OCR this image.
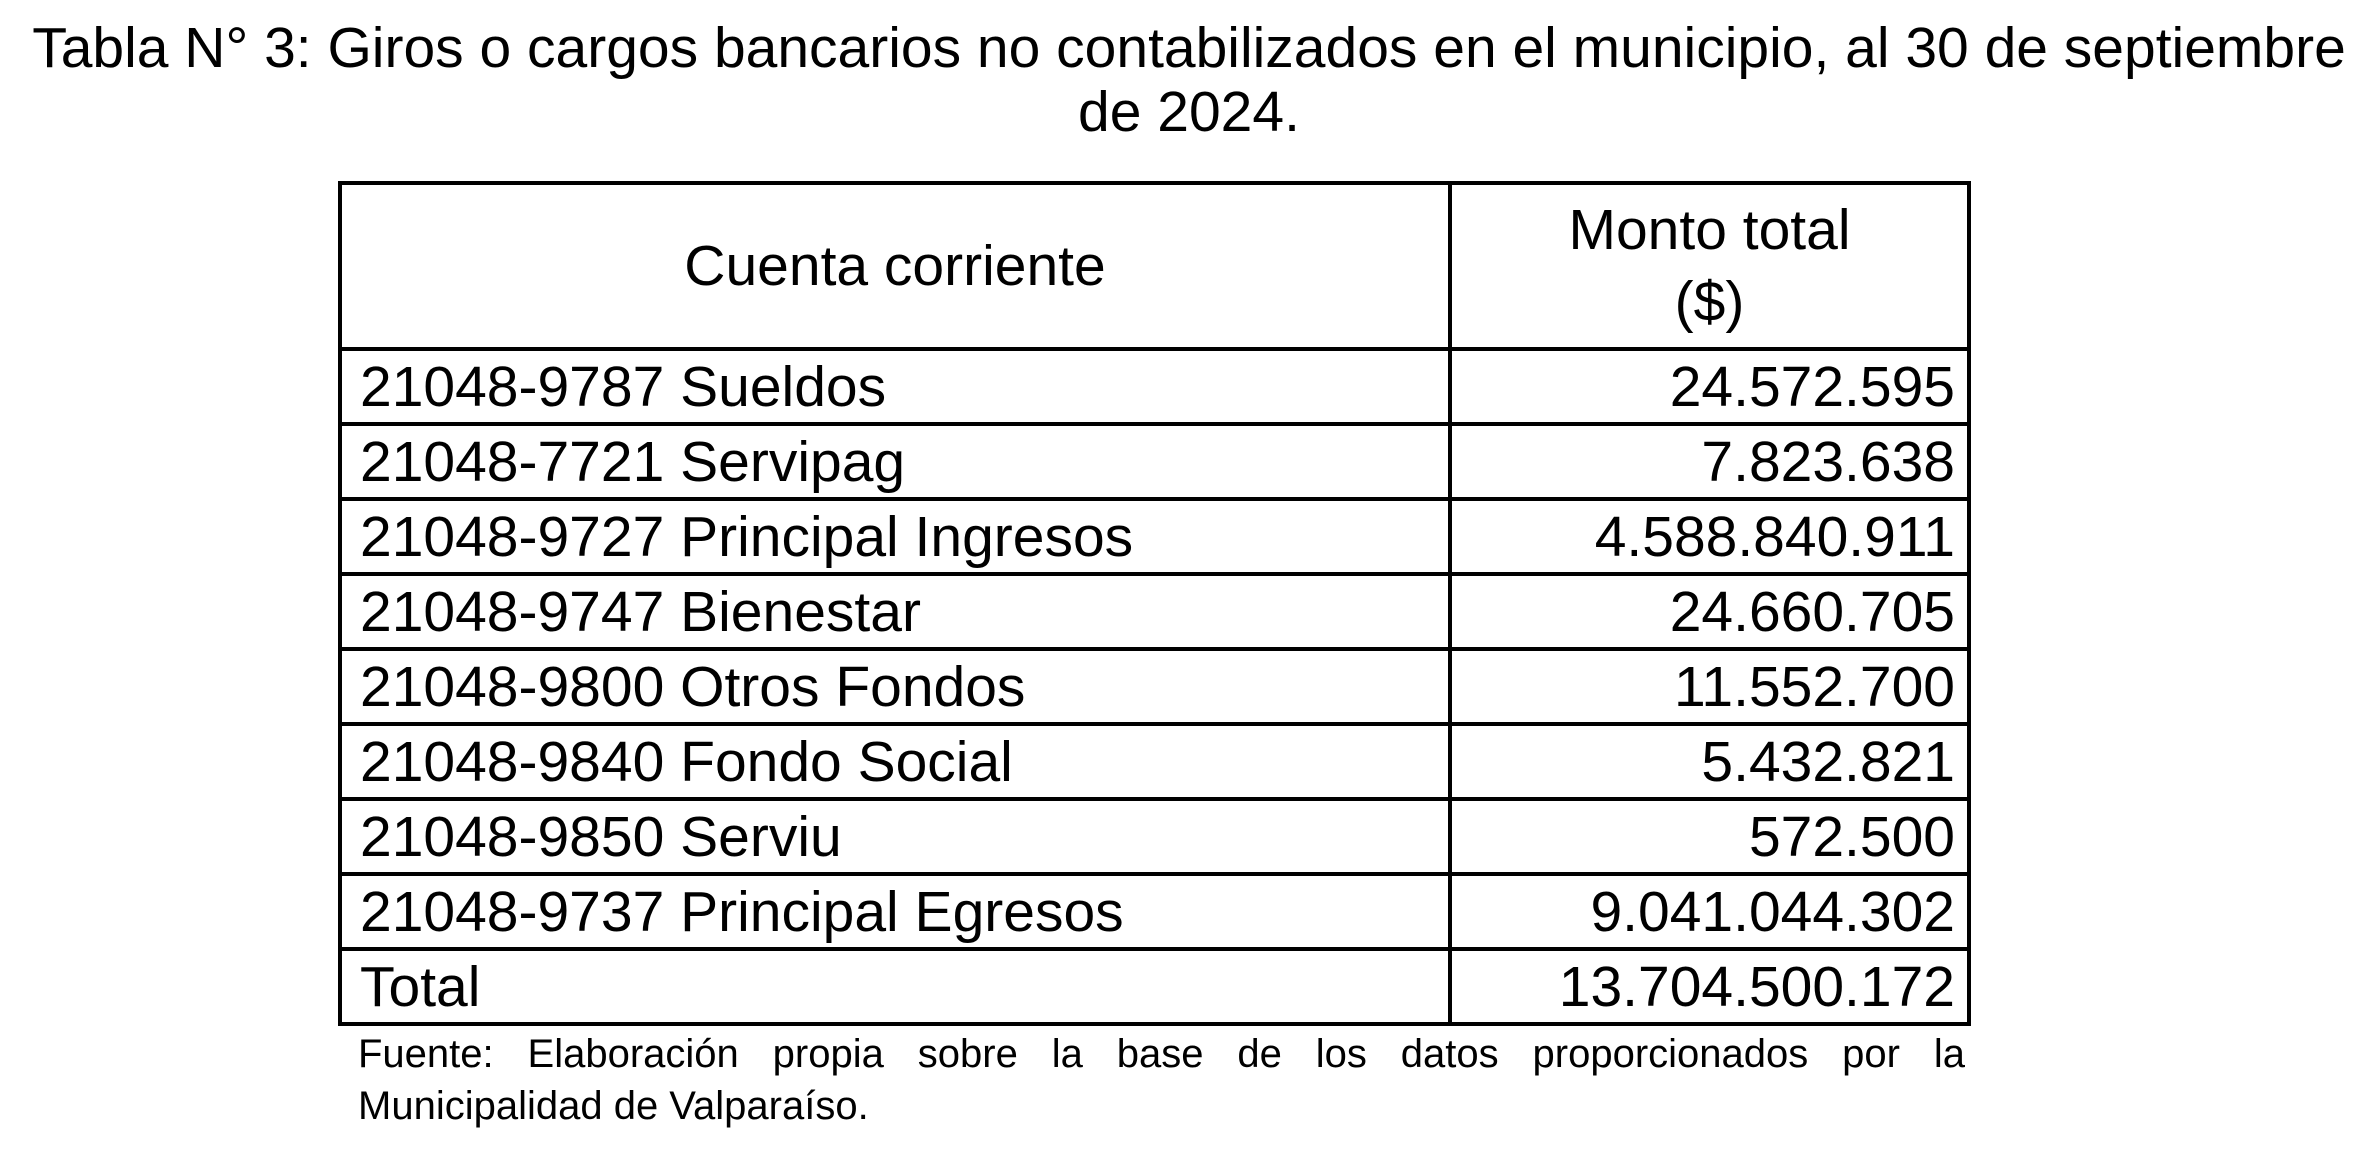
Tabla N° 3: Giros o cargos bancarios no contabilizados en el municipio, al 30 de septiembre
de 2024.
Cuenta corriente	Monto total
($)

21048-9787 Sueldos	24.572.595
21048-7721 Servipag	7.823.638
21048-9727 Principal Ingresos	4.588.840.911
21048-9747 Bienestar	24.660.705
21048-9800 Otros Fondos	11.552.700
21048-9840 Fondo Social	5.432.821
21048-9850 Serviu	572.500
21048-9737 Principal Egresos	9.041.044.302
Total	13.704.500.172
Fuente: Elaboración propia sobre la base de los datos proporcionados por la
Municipalidad de Valparaíso.
